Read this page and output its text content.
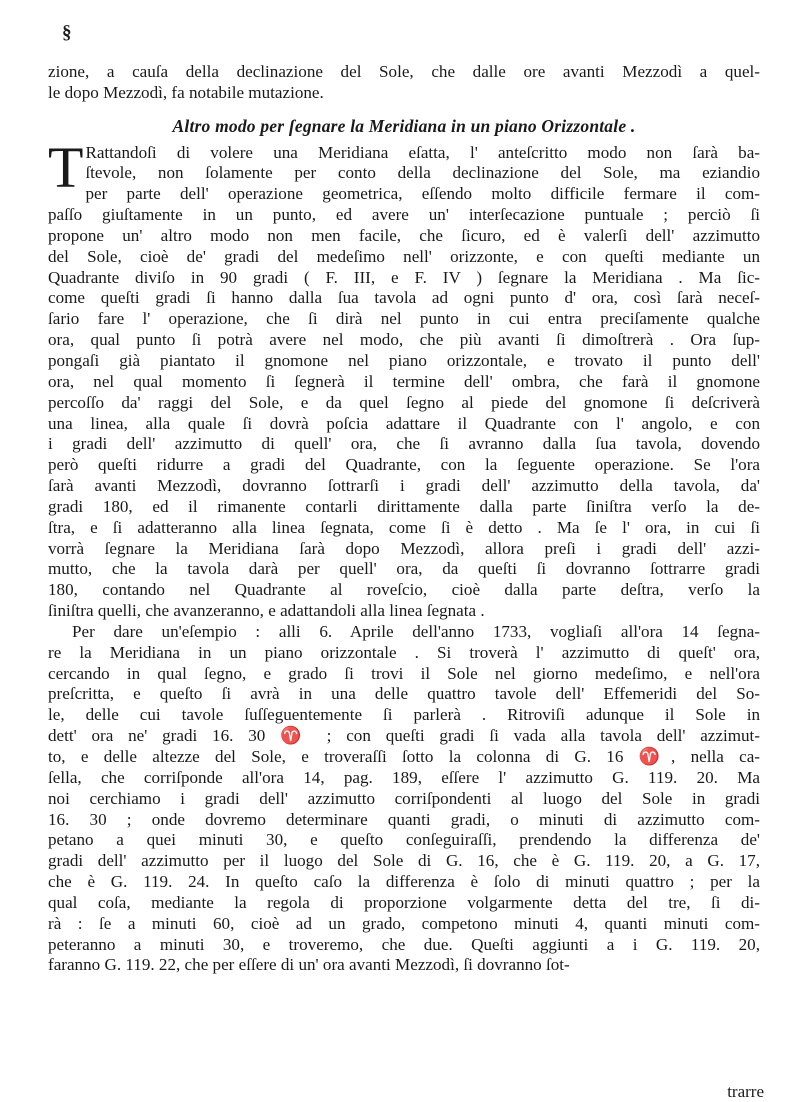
§
zione, a cauſa della declinazione del Sole, che dalle ore avanti Mezzodì a quel-
le dopo Mezzodì, fa notabile mutazione.
Altro modo per ſegnare la Meridiana in un piano Orizzontale .
T Rattandoſi di volere una Meridiana eſatta, l' anteſcritto modo non ſarà ba-
ſtevole, non ſolamente per conto della declinazione del Sole, ma eziandio
per parte dell' operazione geometrica, eſſendo molto difficile fermare il com-
paſſo giuſtamente in un punto, ed avere un' interſecazione puntuale ; perciò ſi
propone un' altro modo non men facile, che ſicuro, ed è valerſi dell' azzimutto
del Sole, cioè de' gradi del medeſimo nell' orizzonte, e con queſti mediante un
Quadrante diviſo in 90 gradi ( F. III, e F. IV ) ſegnare la Meridiana . Ma ſic-
come queſti gradi ſi hanno dalla ſua tavola ad ogni punto d' ora, così ſarà neceſ-
ſario fare l' operazione, che ſi dirà nel punto in cui entra preciſamente qualche
ora, qual punto ſi potrà avere nel modo, che più avanti ſi dimoſtrerà . Ora ſup-
pongaſi già piantato il gnomone nel piano orizzontale, e trovato il punto dell'
ora, nel qual momento ſi ſegnerà il termine dell' ombra, che farà il gnomone
percoſſo da' raggi del Sole, e da quel ſegno al piede del gnomone ſi deſcriverà
una linea, alla quale ſi dovrà poſcia adattare il Quadrante con l' angolo, e con
i gradi dell' azzimutto di quell' ora, che ſi avranno dalla ſua tavola, dovendo
però queſti ridurre a gradi del Quadrante, con la ſeguente operazione. Se l'ora
ſarà avanti Mezzodì, dovranno ſottrarſi i gradi dell' azzimutto della tavola, da'
gradi 180, ed il rimanente contarli dirittamente dalla parte ſiniſtra verſo la de-
ſtra, e ſi adatteranno alla linea ſegnata, come ſi è detto . Ma ſe l' ora, in cui ſi
vorrà ſegnare la Meridiana ſarà dopo Mezzodì, allora preſi i gradi dell' azzi-
mutto, che la tavola darà per quell' ora, da queſti ſi dovranno ſottrarre gradi
180, contando nel Quadrante al roveſcio, cioè dalla parte deſtra, verſo la
ſiniſtra quelli, che avanzeranno, e adattandoli alla linea ſegnata .
Per dare un'eſempio : alli 6. Aprile dell'anno 1733, vogliaſi all'ora 14 ſegna-
re la Meridiana in un piano orizzontale . Si troverà l' azzimutto di queſt' ora,
cercando in qual ſegno, e grado ſi trovi il Sole nel giorno medeſimo, e nell'ora
preſcritta, e queſto ſi avrà in una delle quattro tavole dell' Effemeridi del So-
le, delle cui tavole ſuſſeguentemente ſi parlerà . Ritroviſi adunque il Sole in
dett' ora ne' gradi 16. 30 ♈ ; con queſti gradi ſi vada alla tavola dell' azzimut-
to, e delle altezze del Sole, e troveraſſi ſotto la colonna di G. 16 ♈, nella ca-
ſella, che corriſponde all'ora 14, pag. 189, eſſere l' azzimutto G. 119. 20. Ma
noi cerchiamo i gradi dell' azzimutto corriſpondenti al luogo del Sole in gradi
16. 30 ; onde dovremo determinare quanti gradi, o minuti di azzimutto com-
petano a quei minuti 30, e queſto conſeguiraſſi, prendendo la differenza de'
gradi dell' azzimutto per il luogo del Sole di G. 16, che è G. 119. 20, a G. 17,
che è G. 119. 24. In queſto caſo la differenza è ſolo di minuti quattro ; per la
qual coſa, mediante la regola di proporzione volgarmente detta del tre, ſi di-
rà : ſe a minuti 60, cioè ad un grado, competono minuti 4, quanti minuti com-
peteranno a minuti 30, e troveremo, che due. Queſti aggiunti a i G. 119. 20,
faranno G. 119. 22, che per eſſere di un' ora avanti Mezzodì, ſi dovranno ſot-
trarre
